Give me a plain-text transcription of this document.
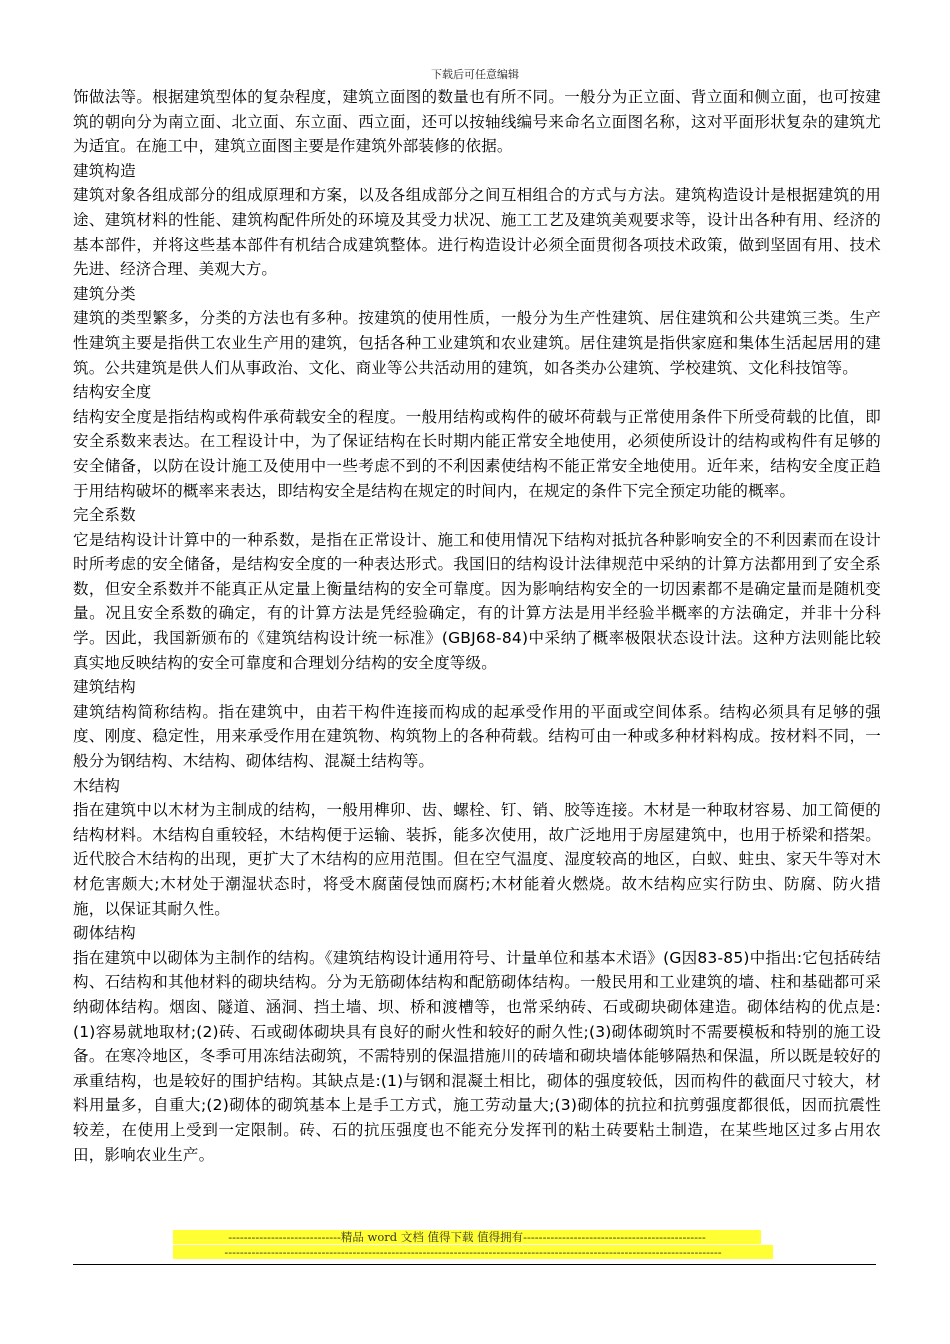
下载后可任意编辑

饰做法等。根据建筑型体的复杂程度，建筑立面图的数量也有所不同。一般分为正立面、背立面和侧立面，也可按建筑的朝向分为南立面、北立面、东立面、西立面，还可以按轴线编号来命名立面图名称，这对平面形状复杂的建筑尤为适宜。在施工中，建筑立面图主要是作建筑外部装修的依据。

建筑构造

建筑对象各组成部分的组成原理和方案，以及各组成部分之间互相组合的方式与方法。建筑构造设计是根据建筑的用途、建筑材料的性能、建筑构配件所处的环境及其受力状况、施工工艺及建筑美观要求等，设计出各种有用、经济的基本部件，并将这些基本部件有机结合成建筑整体。进行构造设计必须全面贯彻各项技术政策，做到坚固有用、技术先进、经济合理、美观大方。

建筑分类

建筑的类型繁多，分类的方法也有多种。按建筑的使用性质，一般分为生产性建筑、居住建筑和公共建筑三类。生产性建筑主要是指供工农业生产用的建筑，包括各种工业建筑和农业建筑。居住建筑是指供家庭和集体生活起居用的建筑。公共建筑是供人们从事政治、文化、商业等公共活动用的建筑，如各类办公建筑、学校建筑、文化科技馆等。

结构安全度

结构安全度是指结构或构件承荷载安全的程度。一般用结构或构件的破坏荷载与正常使用条件下所受荷载的比值，即安全系数来表达。在工程设计中，为了保证结构在长时期内能正常安全地使用，必须使所设计的结构或构件有足够的安全储备，以防在设计施工及使用中一些考虑不到的不利因素使结构不能正常安全地使用。近年来，结构安全度正趋于用结构破坏的概率来表达，即结构安全是结构在规定的时间内，在规定的条件下完全预定功能的概率。

完全系数

它是结构设计计算中的一种系数，是指在正常设计、施工和使用情况下结构对抵抗各种影响安全的不利因素而在设计时所考虑的安全储备，是结构安全度的一种表达形式。我国旧的结构设计法律规范中采纳的计算方法都用到了安全系数，但安全系数并不能真正从定量上衡量结构的安全可靠度。因为影响结构安全的一切因素都不是确定量而是随机变量。况且安全系数的确定，有的计算方法是凭经验确定，有的计算方法是用半经验半概率的方法确定，并非十分科学。因此，我国新颁布的《建筑结构设计统一标准》(GBJ68-84)中采纳了概率极限状态设计法。这种方法则能比较真实地反映结构的安全可靠度和合理划分结构的安全度等级。

建筑结构

建筑结构简称结构。指在建筑中，由若干构件连接而构成的起承受作用的平面或空间体系。结构必须具有足够的强度、刚度、稳定性，用来承受作用在建筑物、构筑物上的各种荷载。结构可由一种或多种材料构成。按材料不同，一般分为钢结构、木结构、砌体结构、混凝土结构等。

木结构

指在建筑中以木材为主制成的结构，一般用榫卯、齿、螺栓、钉、销、胶等连接。木材是一种取材容易、加工简便的结构材料。木结构自重较轻，木结构便于运输、装拆，能多次使用，故广泛地用于房屋建筑中，也用于桥梁和搭架。近代胶合木结构的出现，更扩大了木结构的应用范围。但在空气温度、湿度较高的地区，白蚁、蛀虫、家天牛等对木材危害颇大;木材处于潮湿状态时，将受木腐菌侵蚀而腐朽;木材能着火燃烧。故木结构应实行防虫、防腐、防火措施，以保证其耐久性。

砌体结构

指在建筑中以砌体为主制作的结构。《建筑结构设计通用符号、计量单位和基本术语》(G因83-85)中指出:它包括砖结构、石结构和其他材料的砌块结构。分为无筋砌体结构和配筋砌体结构。一般民用和工业建筑的墙、柱和基础都可采纳砌体结构。烟囱、隧道、涵洞、挡土墙、坝、桥和渡槽等，也常采纳砖、石或砌块砌体建造。砌体结构的优点是:(1)容易就地取材;(2)砖、石或砌体砌块具有良好的耐火性和较好的耐久性;(3)砌体砌筑时不需要模板和特别的施工设备。在寒冷地区，冬季可用冻结法砌筑，不需特别的保温措施川的砖墙和砌块墙体能够隔热和保温，所以既是较好的承重结构，也是较好的围护结构。其缺点是:(1)与钢和混凝土相比，砌体的强度较低，因而构件的截面尺寸较大，材料用量多，自重大;(2)砌体的砌筑基本上是手工方式，施工劳动量大;(3)砌体的抗拉和抗剪强度都很低，因而抗震性较差，在使用上受到一定限制。砖、石的抗压强度也不能充分发挥刊的粘土砖要粘土制造，在某些地区过多占用农田，影响农业生产。

-----------------------------精品 word 文档 值得下载 值得拥有-----------------------------------------------
--------------------------------------------------------------------------------------------------------------------------------
